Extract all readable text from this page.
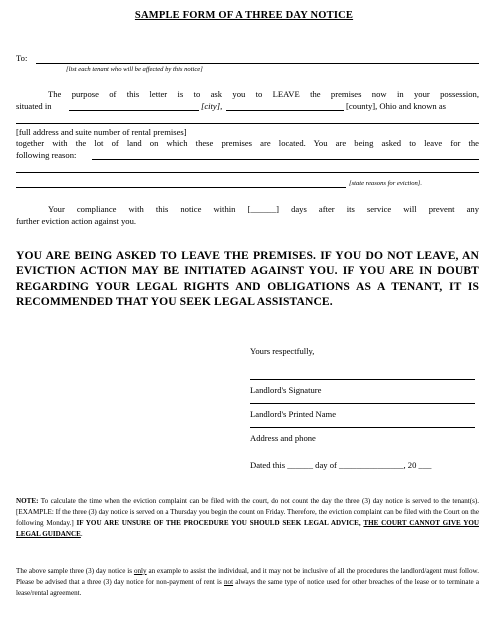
SAMPLE FORM OF A THREE DAY NOTICE
To:
[list each tenant who will be affected by this notice]
The purpose of this letter is to ask you to LEAVE the premises now in your possession,
situated in	[city],	[county], Ohio and known as
[full address and suite number of rental premises]
together with the lot of land on which these premises are located. You are being asked to leave for the
following reason:
[state reasons for eviction].
Your compliance with this notice within [______] days after its service will prevent any
further eviction action against you.
YOU ARE BEING ASKED TO LEAVE THE PREMISES. IF YOU DO NOT LEAVE, AN EVICTION ACTION MAY BE INITIATED AGAINST YOU. IF YOU ARE IN DOUBT REGARDING YOUR LEGAL RIGHTS AND OBLIGATIONS AS A TENANT, IT IS RECOMMENDED THAT YOU SEEK LEGAL ASSISTANCE.
Yours respectfully,
Landlord's Signature
Landlord's Printed Name
Address and phone
Dated this ______ day of _______________, 20 ___
NOTE: To calculate the time when the eviction complaint can be filed with the court, do not count the day the three (3) day notice is served to the tenant(s). [EXAMPLE: If the three (3) day notice is served on a Thursday you begin the count on Friday. Therefore, the eviction complaint can be filed with the Court on the following Monday.] IF YOU ARE UNSURE OF THE PROCEDURE YOU SHOULD SEEK LEGAL ADVICE, THE COURT CANNOT GIVE YOU LEGAL GUIDANCE.
The above sample three (3) day notice is only an example to assist the individual, and it may not be inclusive of all the procedures the landlord/agent must follow. Please be advised that a three (3) day notice for non-payment of rent is not always the same type of notice used for other breaches of the lease or to terminate a lease/rental agreement.
